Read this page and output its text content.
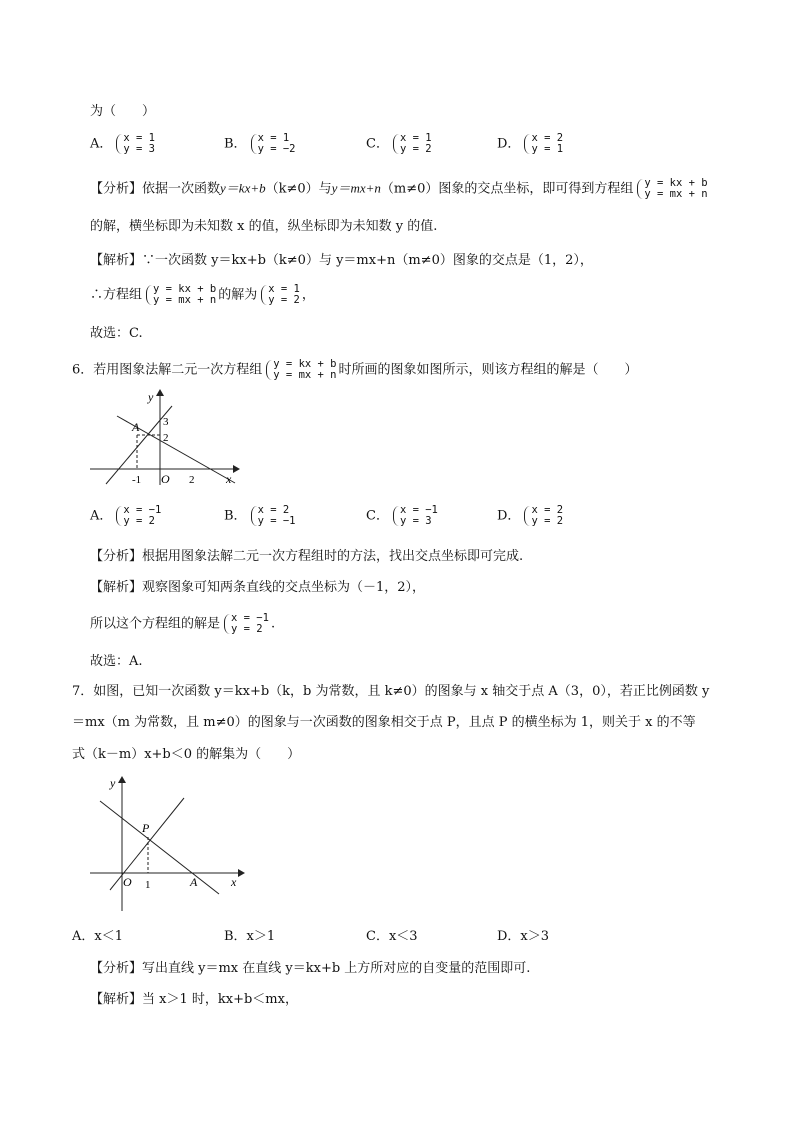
为（　　）
A． x = 1
y = 3	B． x = 1
y = −2	C． x = 1
y = 2	D． x = 2
y = 1
【分析】依据一次函数y＝kx+b（k≠0）与y＝mx+n（m≠0）图象的交点坐标，即可得到方程组 y = kx + b
y = mx + n
的解，横坐标即为未知数 x 的值，纵坐标即为未知数 y 的值.
【解析】∵一次函数 y＝kx+b（k≠0）与 y＝mx+n（m≠0）图象的交点是（1，2），
∴方程组 y = kx + b
y = mx + n 的解为 x = 1
y = 2 ，
故选：C.
6．若用图象法解二元一次方程组 y = kx + b
y = mx + n 时所画的图象如图所示，则该方程组的解是（　　）
y
x
A 3
2
-1 O 2
A． x = −1
y = 2	B． x = 2
y = −1	C． x = −1
y = 3	D． x = 2
y = 2
【分析】根据用图象法解二元一次方程组时的方法，找出交点坐标即可完成.
【解析】观察图象可知两条直线的交点坐标为（－1，2），
所以这个方程组的解是 x = −1
y = 2 .
故选：A.
7．如图，已知一次函数 y＝kx+b（k，b 为常数，且 k≠0）的图象与 x 轴交于点 A（3，0），若正比例函数 y
＝mx（m 为常数，且 m≠0）的图象与一次函数的图象相交于点 P，且点 P 的横坐标为 1，则关于 x 的不等
式（k－m）x+b＜0 的解集为（　　）
y
x
P
O 1	A
A．x＜1	B．x＞1	C．x＜3	D．x＞3
【分析】写出直线 y＝mx 在直线 y＝kx+b 上方所对应的自变量的范围即可.
【解析】当 x＞1 时，kx+b＜mx，
